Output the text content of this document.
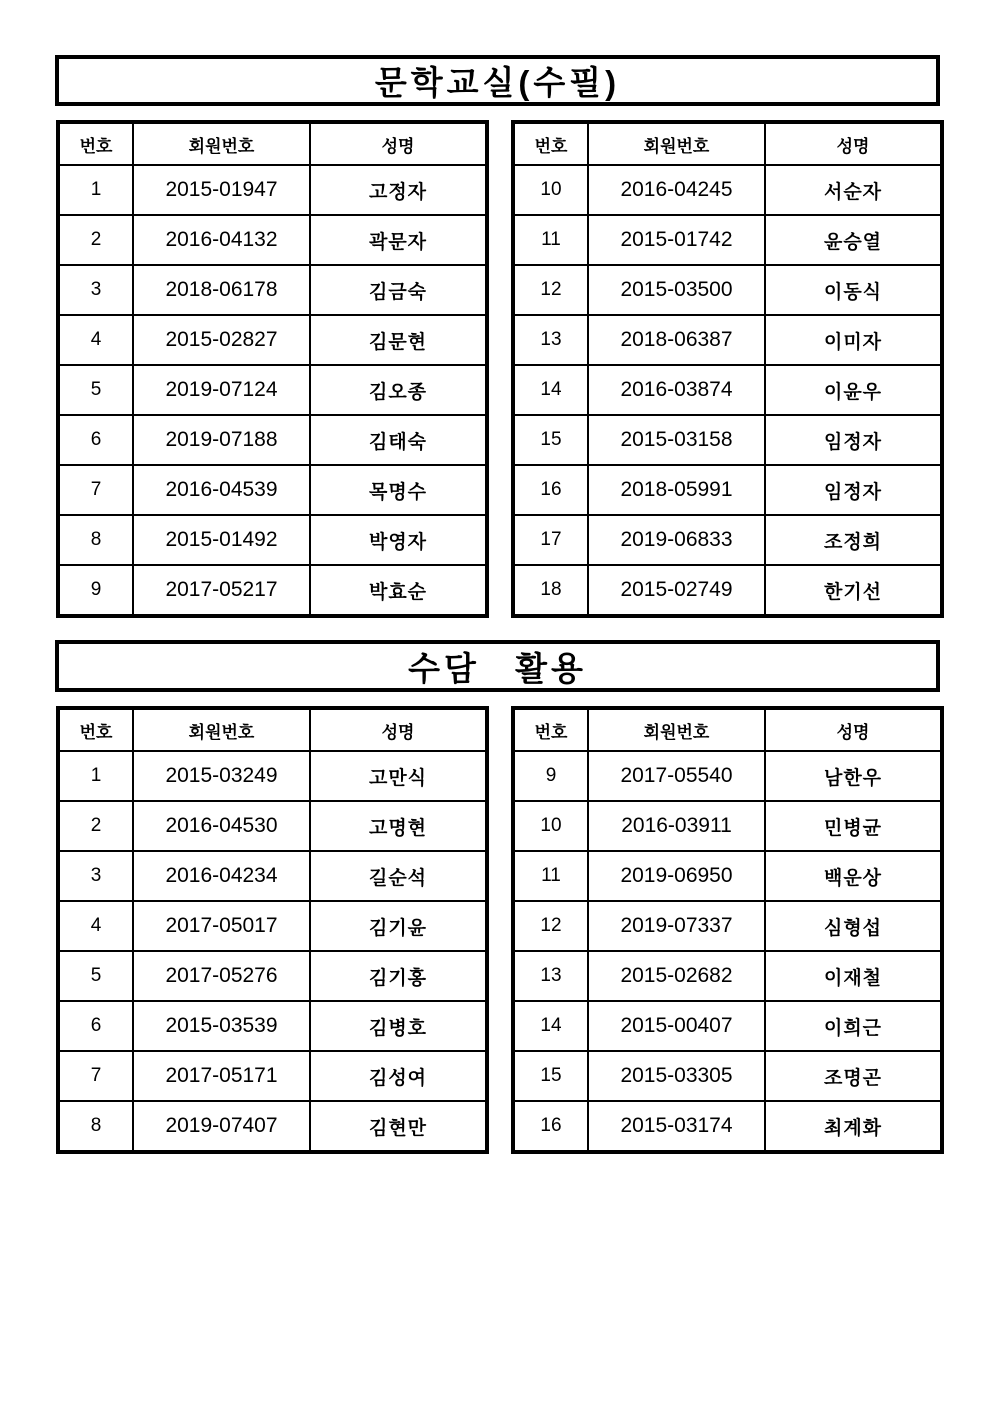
문학교실(수필)
번호	회원번호	성명
1	2015-01947	고정자
2	2016-04132	곽문자
3	2018-06178	김금숙
4	2015-02827	김문현
5	2019-07124	김오종
6	2019-07188	김태숙
7	2016-04539	목명수
8	2015-01492	박영자
9	2017-05217	박효순
번호	회원번호	성명
10	2016-04245	서순자
11	2015-01742	윤승열
12	2015-03500	이동식
13	2018-06387	이미자
14	2016-03874	이윤우
15	2015-03158	임정자
16	2018-05991	임정자
17	2019-06833	조정희
18	2015-02749	한기선
수담 활용
번호	회원번호	성명
1	2015-03249	고만식
2	2016-04530	고명현
3	2016-04234	길순석
4	2017-05017	김기윤
5	2017-05276	김기홍
6	2015-03539	김병호
7	2017-05171	김성여
8	2019-07407	김현만
번호	회원번호	성명
9	2017-05540	남한우
10	2016-03911	민병균
11	2019-06950	백운상
12	2019-07337	심형섭
13	2015-02682	이재철
14	2015-00407	이희근
15	2015-03305	조명곤
16	2015-03174	최계화
